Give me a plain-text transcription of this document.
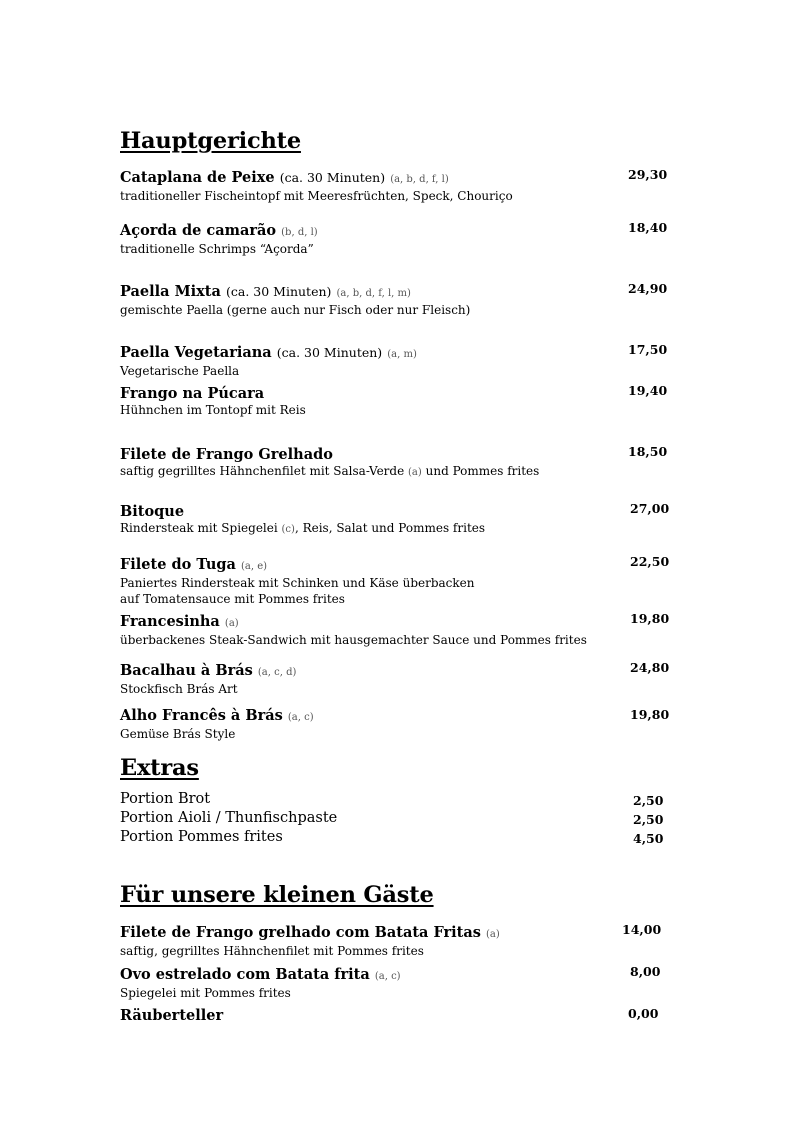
Hauptgerichte
Cataplana de Peixe (ca. 30 Minuten) (a, b, d, f, l)
traditioneller Fischeintopf mit Meeresfrüchten, Speck, Chouriço
29,30
Açorda de camarão (b, d, l)
traditionelle Schrimps “Açorda”
18,40
Paella Mixta (ca. 30 Minuten) (a, b, d, f, l, m)
gemischte Paella (gerne auch nur Fisch oder nur Fleisch)
24,90
Paella Vegetariana (ca. 30 Minuten) (a, m)
Vegetarische Paella
17,50
Frango na Púcara
Hühnchen im Tontopf mit Reis
19,40
Filete de Frango Grelhado
saftig gegrilltes Hähnchenfilet mit Salsa-Verde (a) und Pommes frites
18,50
Bitoque
Rindersteak mit Spiegelei (c), Reis, Salat und Pommes frites
27,00
Filete do Tuga (a, e)
Paniertes Rindersteak mit Schinken und Käse überbacken
auf Tomatensauce mit Pommes frites
22,50
Francesinha (a)
überbackenes Steak-Sandwich mit hausgemachter Sauce und Pommes frites
19,80
Bacalhau à Brás (a, c, d)
Stockfisch Brás Art
24,80
Alho Francês à Brás (a, c)
Gemüse Brás Style
19,80
Extras
Portion Brot	2,50
Portion Aioli / Thunfischpaste	2,50
Portion Pommes frites	4,50
Für unsere kleinen Gäste
Filete de Frango grelhado com Batata Fritas (a)
saftig, gegrilltes Hähnchenfilet mit Pommes frites
14,00
Ovo estrelado com Batata frita (a, c)
Spiegelei mit Pommes frites
8,00
Räuberteller	0,00
